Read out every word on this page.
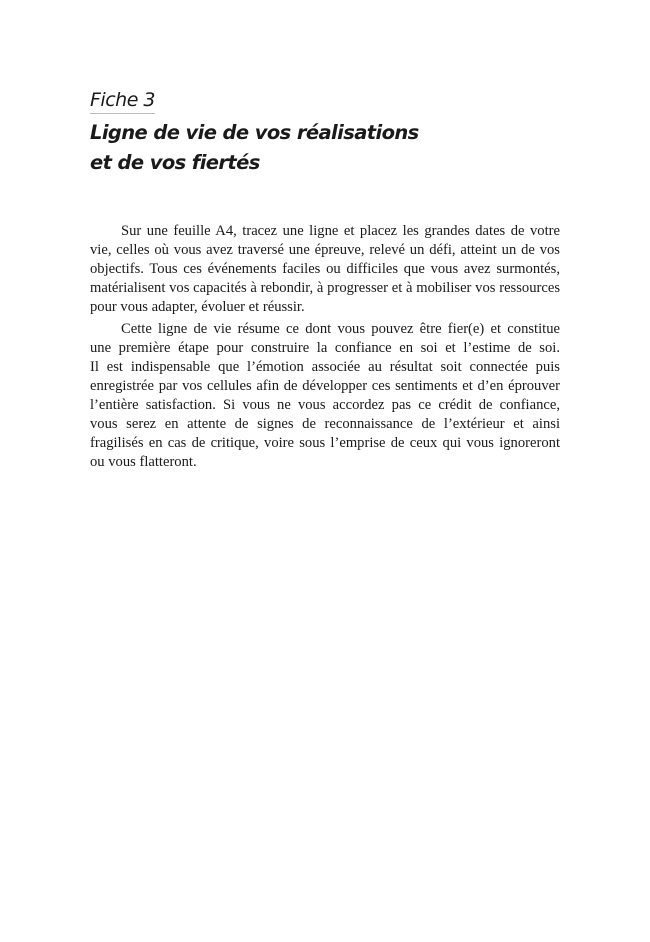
Fiche 3
Ligne de vie de vos réalisations
et de vos fiertés

Sur une feuille A4, tracez une ligne et placez les grandes dates de votre
vie, celles où vous avez traversé une épreuve, relevé un défi, atteint un de vos
objectifs. Tous ces événements faciles ou difficiles que vous avez surmontés,
matérialisent vos capacités à rebondir, à progresser et à mobiliser vos ressources
pour vous adapter, évoluer et réussir.

Cette ligne de vie résume ce dont vous pouvez être fier(e) et constitue
une première étape pour construire la confiance en soi et l’estime de soi.
Il est indispensable que l’émotion associée au résultat soit connectée puis
enregistrée par vos cellules afin de développer ces sentiments et d’en éprouver
l’entière satisfaction. Si vous ne vous accordez pas ce crédit de confiance,
vous serez en attente de signes de reconnaissance de l’extérieur et ainsi
fragilisés en cas de critique, voire sous l’emprise de ceux qui vous ignoreront
ou vous flatteront.
